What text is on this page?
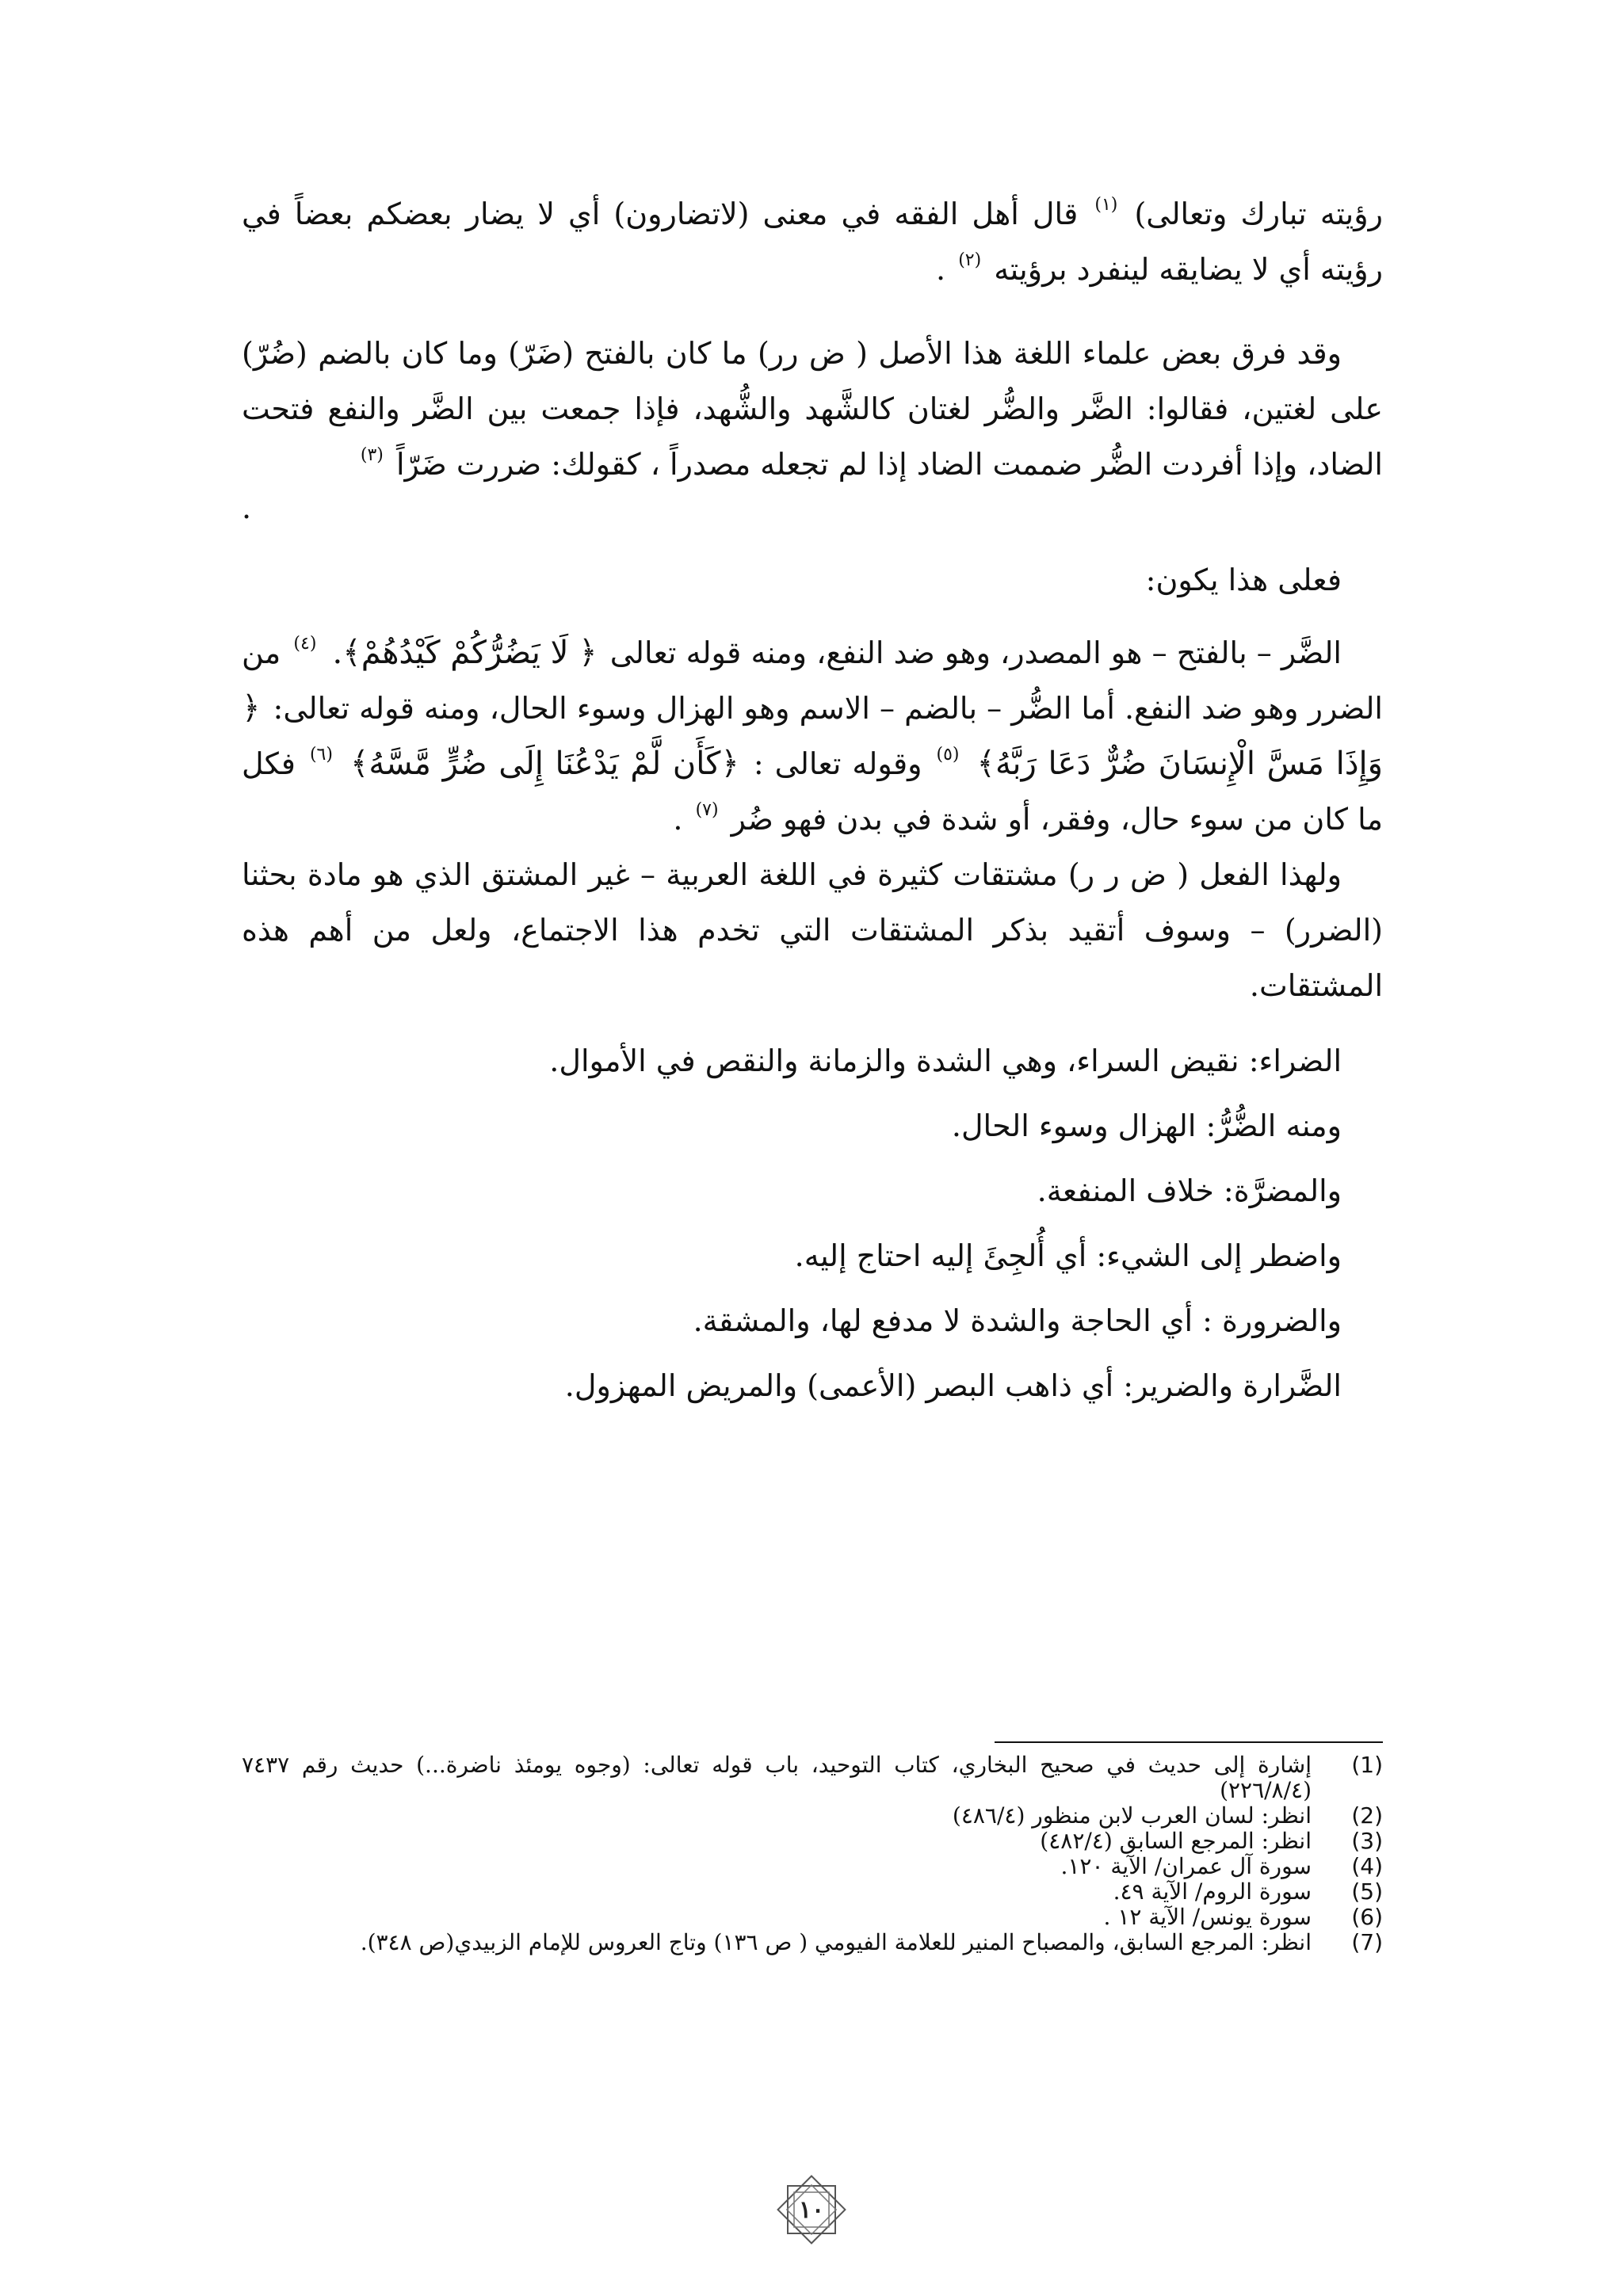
رؤيته تبارك وتعالى) $^{(١)}$ قال أهل الفقه في معنى (لاتضارون) أي لا يضار بعضكم بعضاً في رؤيته أي لا يضايقه لينفرد برؤيته $^{(٢)}$ .

وقد فرق بعض علماء اللغة هذا الأصل ( ض رر) ما كان بالفتح (ضَرّ) وما كان بالضم (ضُرّ) على لغتين، فقالوا: الضَّر والضُّر لغتان كالشَّهد والشُّهد، فإذا جمعت بين الضَّر والنفع فتحت الضاد، وإذا أفردت الضُّر ضممت الضاد إذا لم تجعله مصدراً ، كقولك: ضررت ضَرّاً $^{(٣)}$

.

فعلى هذا يكون:

الضَّر – بالفتح – هو المصدر، وهو ضد النفع، ومنه قوله تعالى ﴿ لَا يَضُرُّكُمْ كَيْدُهُمْ﴾. $^{(٤)}$ من الضرر وهو ضد النفع. أما الضُّر – بالضم – الاسم وهو الهزال وسوء الحال، ومنه قوله تعالى: ﴿ وَإِذَا مَسَّ الْإِنسَانَ ضُرٌّ دَعَا رَبَّهُ﴾ $^{(٥)}$ وقوله تعالى : ﴿كَأَن لَّمْ يَدْعُنَا إِلَى ضُرٍّ مَّسَّهُ﴾ $^{(٦)}$ فكل ما كان من سوء حال، وفقر، أو شدة في بدن فهو ضُر $^{(٧)}$ .

ولهذا الفعل ( ض ر ر) مشتقات كثيرة في اللغة العربية – غير المشتق الذي هو مادة بحثنا (الضرر) – وسوف أتقيد بذكر المشتقات التي تخدم هذا الاجتماع، ولعل من أهم هذه المشتقات.

الضراء: نقيض السراء، وهي الشدة والزمانة والنقص في الأموال.

ومنه الضُّرُّ: الهزال وسوء الحال.

والمضرَّة: خلاف المنفعة.

واضطر إلى الشيء: أي أُلجِئَ إليه احتاج إليه.

والضرورة : أي الحاجة والشدة لا مدفع لها، والمشقة.

الضَّرارة والضرير: أي ذاهب البصر (الأعمى) والمريض المهزول.

(1)
إشارة إلى حديث في صحيح البخاري، كتاب التوحيد، باب قوله تعالى: (وجوه يومئذ ناضرة...) حديث رقم ٧٤٣٧ (٢٢٦/٨/٤)
(2)
انظر: لسان العرب لابن منظور (٤٨٦/٤)
(3)
انظر: المرجع السابق (٤٨٢/٤)
(4)
سورة آل عمران/ الآية ١٢٠.
(5)
سورة الروم/ الآية ٤٩.
(6)
سورة يونس/ الآية ١٢ .
(7)
انظر: المرجع السابق، والمصباح المنير للعلامة الفيومي ( ص ١٣٦) وتاج العروس للإمام الزبيدي(ص ٣٤٨).
١٠
